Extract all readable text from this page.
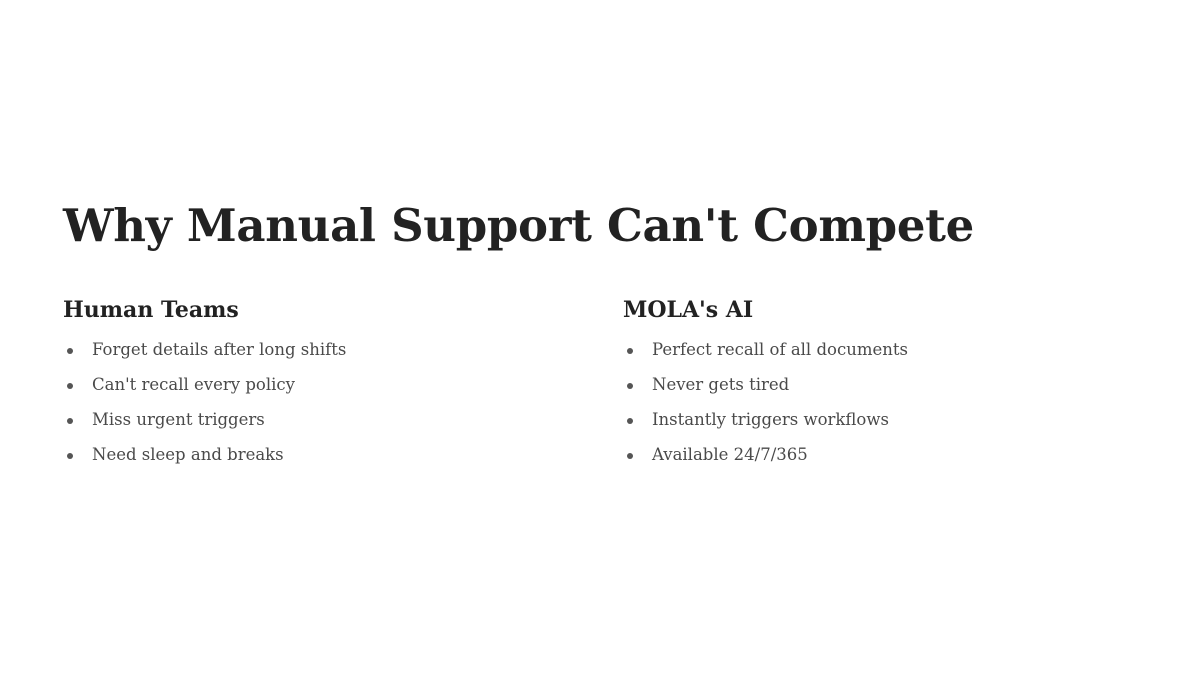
Why Manual Support Can't Compete
Human Teams
Forget details after long shifts
Can't recall every policy
Miss urgent triggers
Need sleep and breaks
MOLA's AI
Perfect recall of all documents
Never gets tired
Instantly triggers workflows
Available 24/7/365
